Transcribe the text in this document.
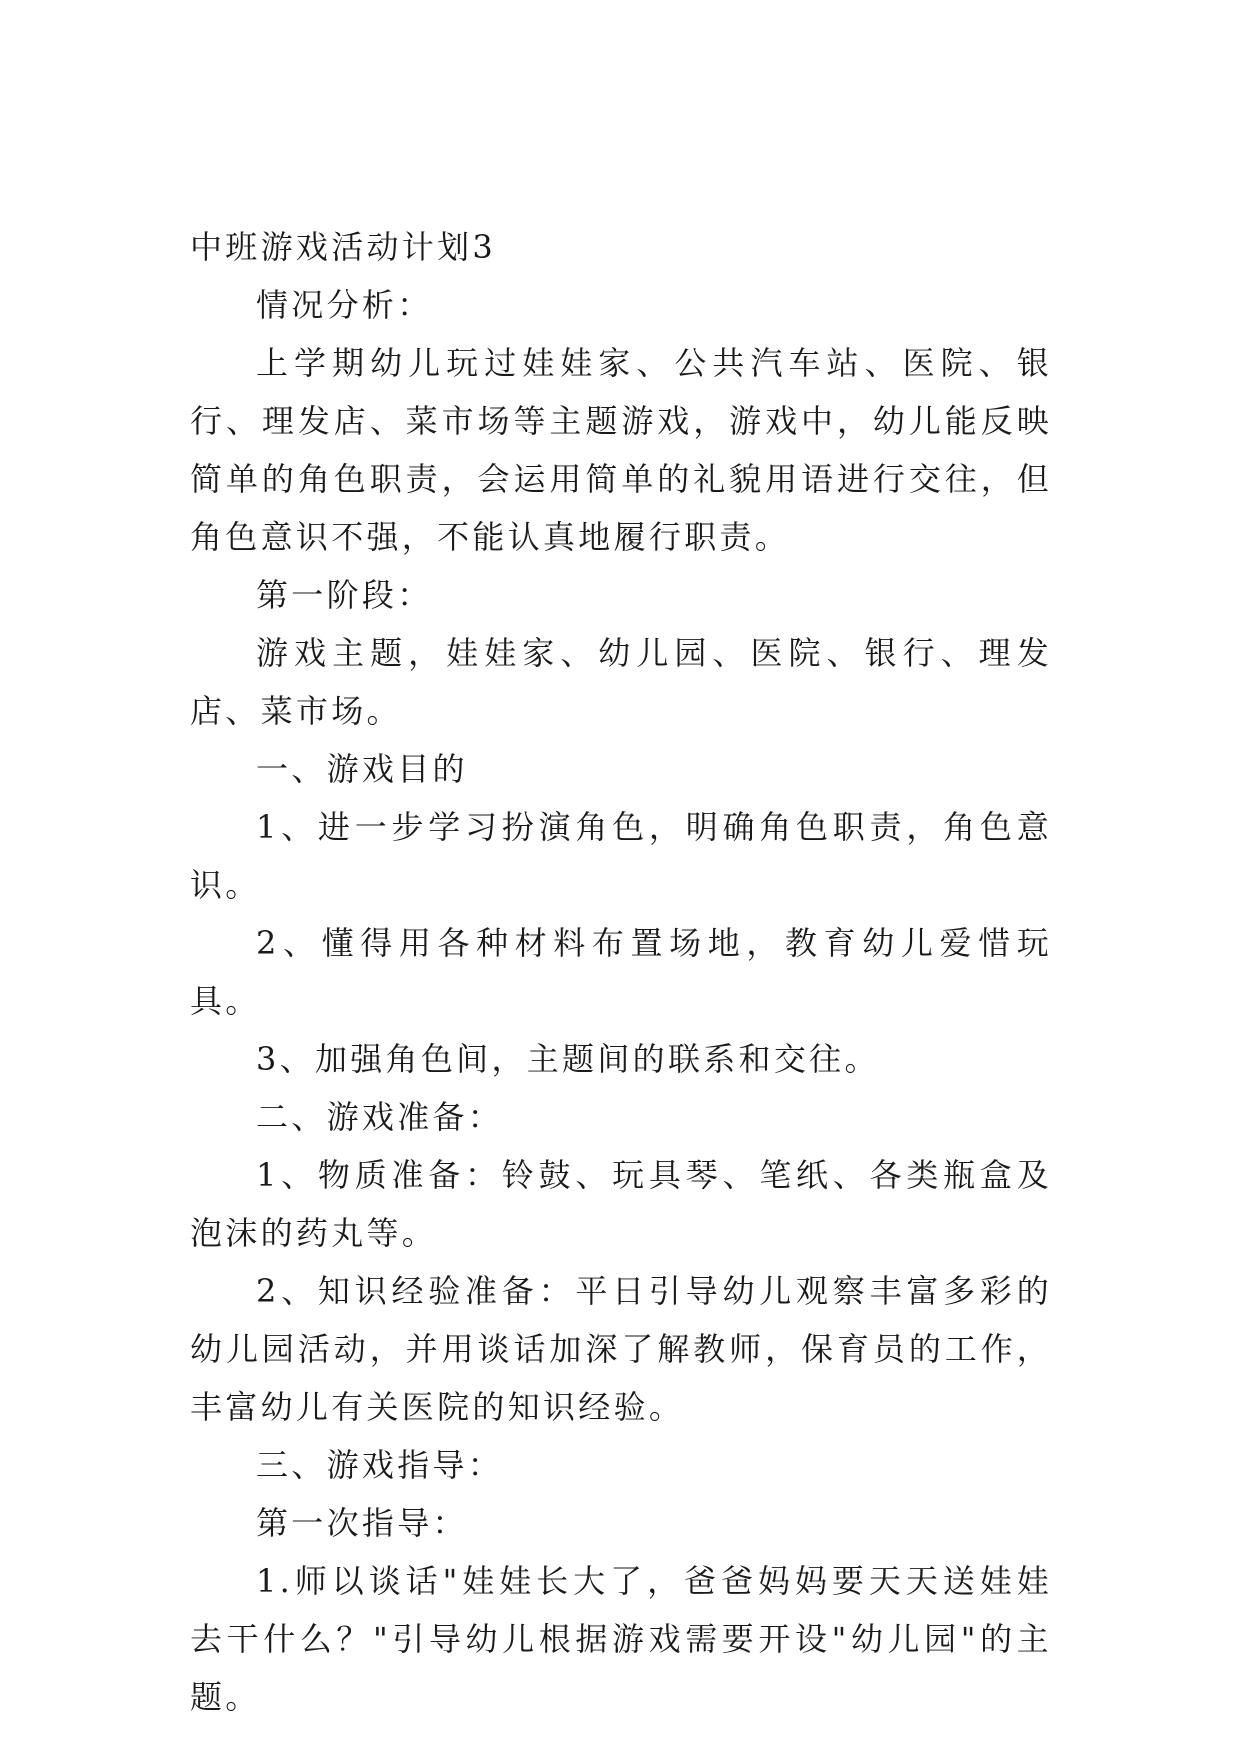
中班游戏活动计划3

情况分析：

上学期幼儿玩过娃娃家、公共汽车站、医院、银行、理发店、菜市场等主题游戏，游戏中，幼儿能反映简单的角色职责，会运用简单的礼貌用语进行交往，但角色意识不强，不能认真地履行职责。

第一阶段：

游戏主题，娃娃家、幼儿园、医院、银行、理发店、菜市场。

一、游戏目的

1、进一步学习扮演角色，明确角色职责，角色意识。

2、懂得用各种材料布置场地，教育幼儿爱惜玩具。

3、加强角色间，主题间的联系和交往。

二、游戏准备：

1、物质准备：铃鼓、玩具琴、笔纸、各类瓶盒及泡沫的药丸等。

2、知识经验准备：平日引导幼儿观察丰富多彩的幼儿园活动，并用谈话加深了解教师，保育员的工作，丰富幼儿有关医院的知识经验。

三、游戏指导：

第一次指导：

1.师以谈话"娃娃长大了，爸爸妈妈要天天送娃娃去干什么？"引导幼儿根据游戏需要开设"幼儿园"的主题。
